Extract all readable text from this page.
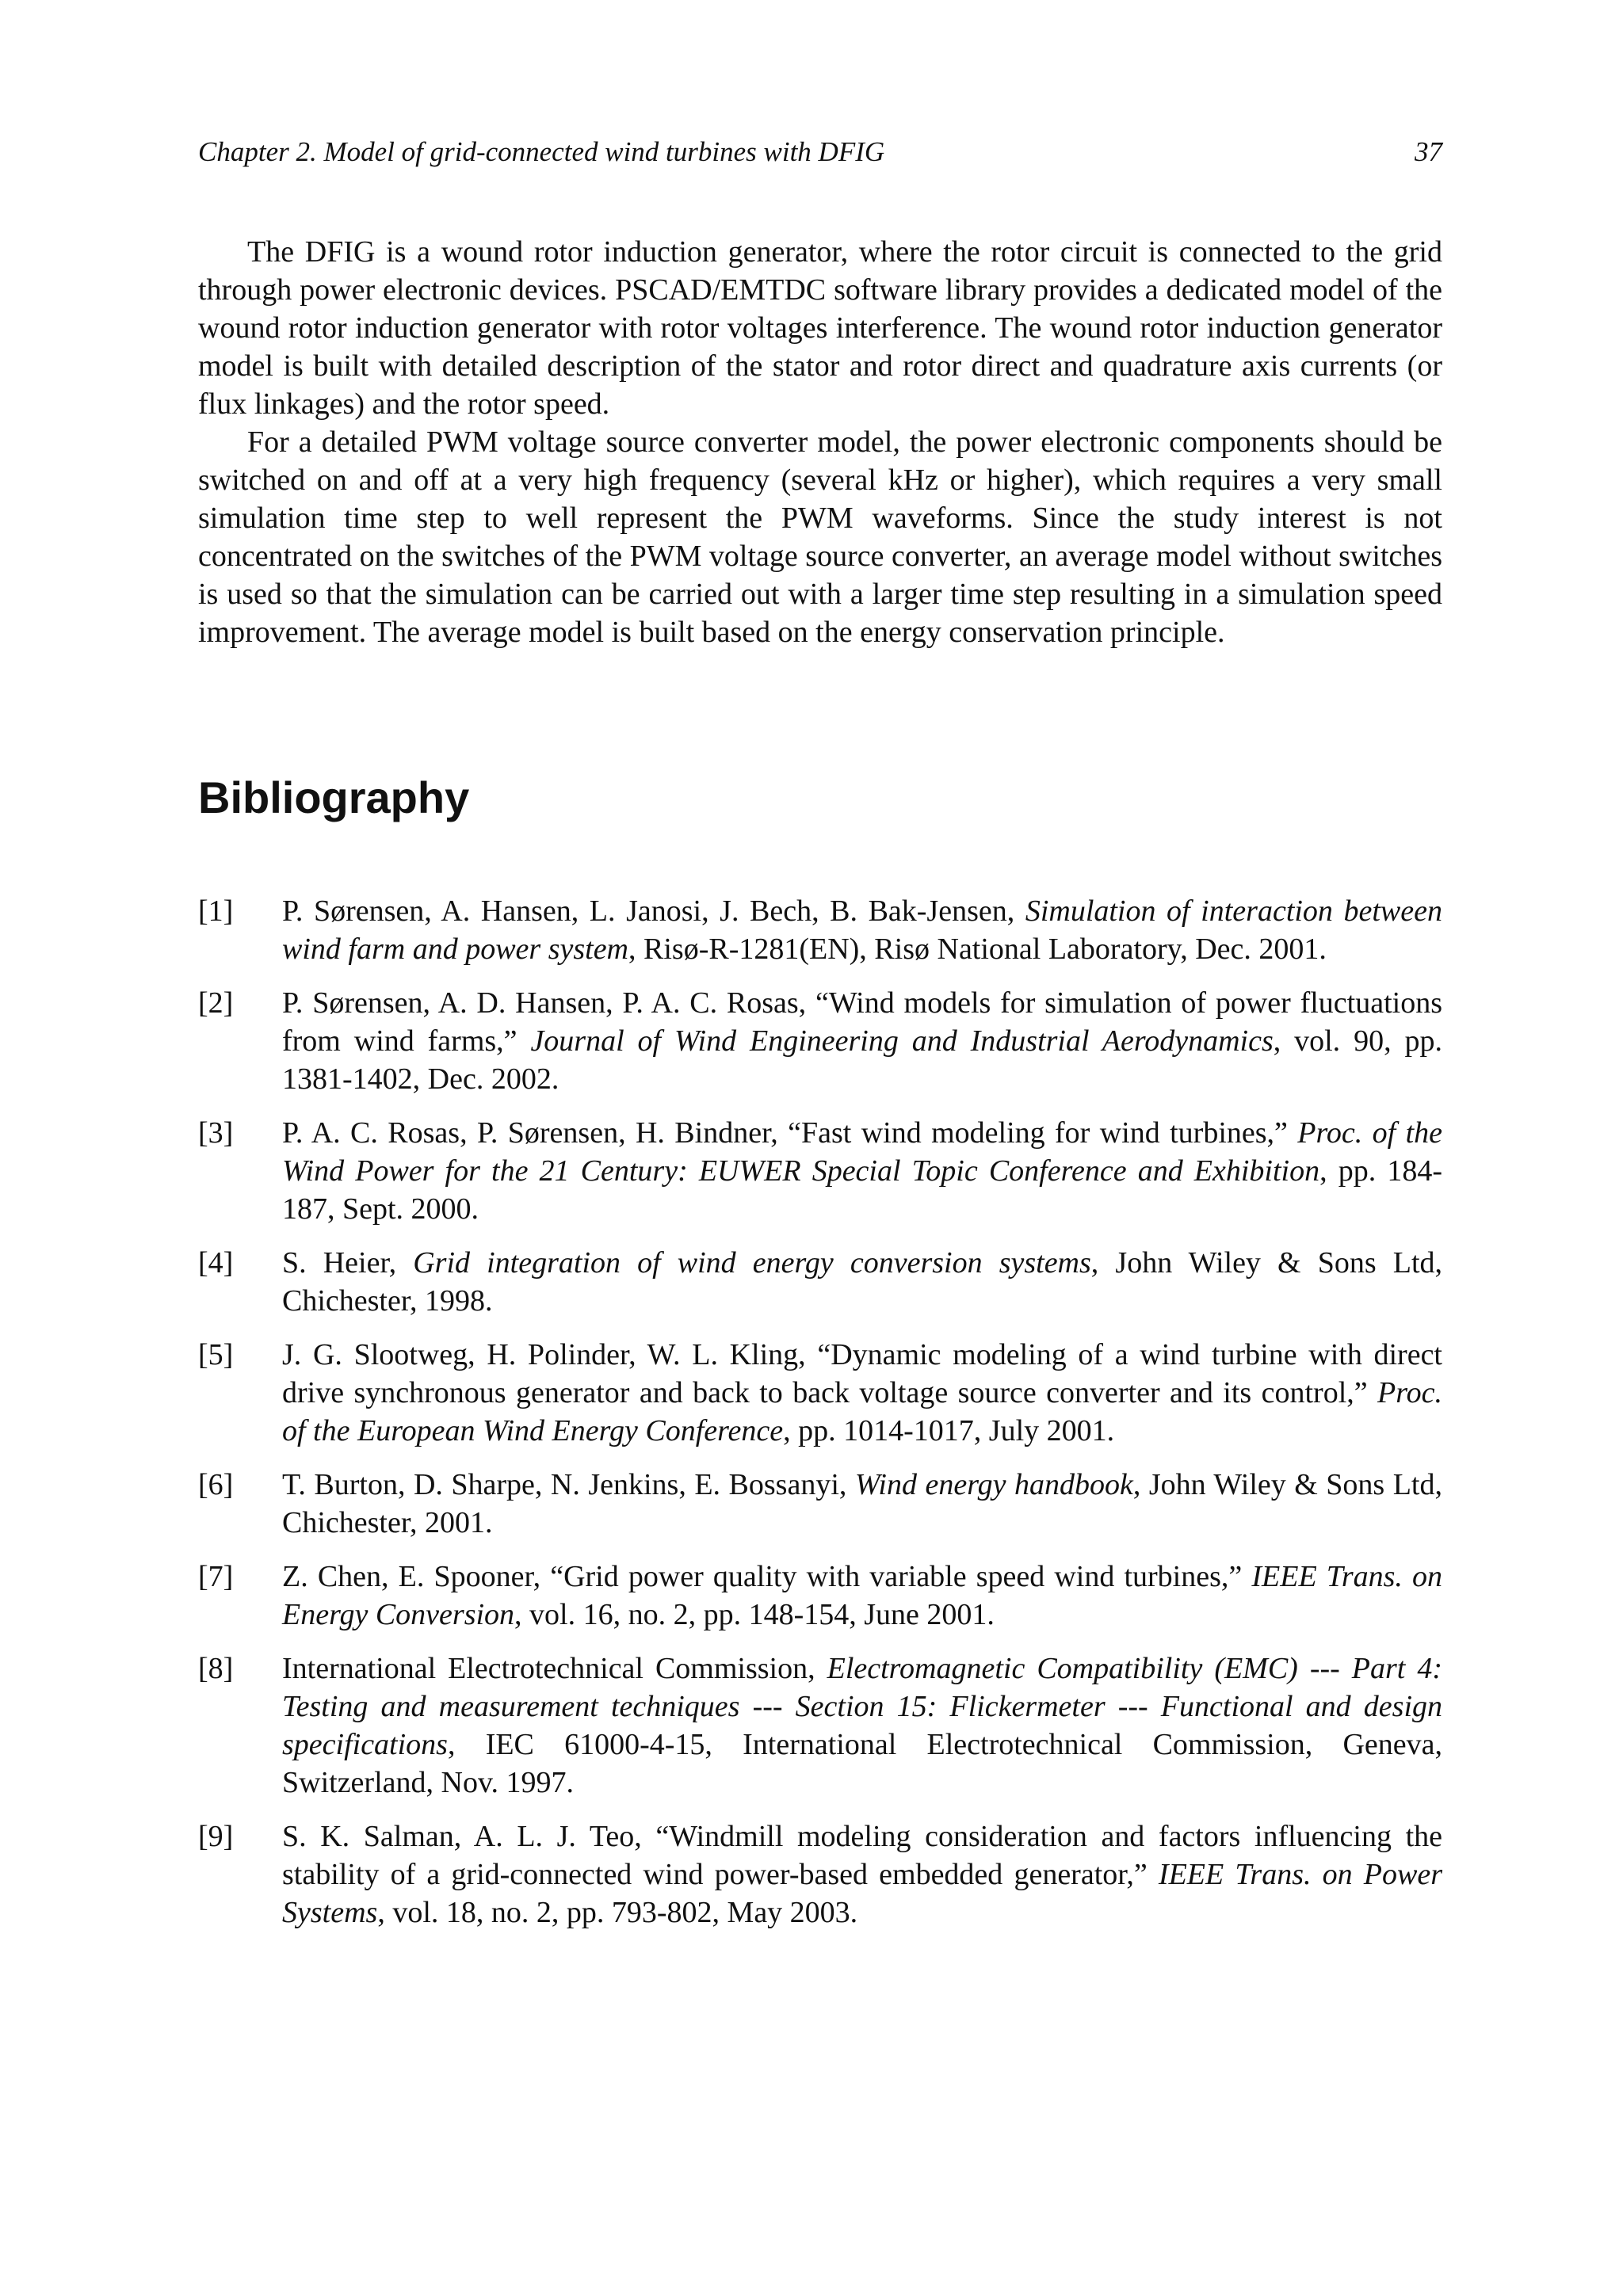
Chapter 2. Model of grid-connected wind turbines with DFIG	37

The DFIG is a wound rotor induction generator, where the rotor circuit is connected to the grid through power electronic devices. PSCAD/EMTDC software library provides a dedicated model of the wound rotor induction generator with rotor voltages interference. The wound rotor induction generator model is built with detailed description of the stator and rotor direct and quadrature axis currents (or flux linkages) and the rotor speed.

For a detailed PWM voltage source converter model, the power electronic components should be switched on and off at a very high frequency (several kHz or higher), which requires a very small simulation time step to well represent the PWM waveforms. Since the study interest is not concentrated on the switches of the PWM voltage source converter, an average model without switches is used so that the simulation can be carried out with a larger time step resulting in a simulation speed improvement. The average model is built based on the energy conservation principle.

Bibliography
[1]	P. Sørensen, A. Hansen, L. Janosi, J. Bech, B. Bak-Jensen, Simulation of interaction between wind farm and power system, Risø-R-1281(EN), Risø National Laboratory, Dec. 2001.
[2]	P. Sørensen, A. D. Hansen, P. A. C. Rosas, “Wind models for simulation of power fluctuations from wind farms,” Journal of Wind Engineering and Industrial Aerodynamics, vol. 90, pp. 1381-1402, Dec. 2002.
[3]	P. A. C. Rosas, P. Sørensen, H. Bindner, “Fast wind modeling for wind turbines,” Proc. of the Wind Power for the 21 Century: EUWER Special Topic Conference and Exhibition, pp. 184-187, Sept. 2000.
[4]	S. Heier, Grid integration of wind energy conversion systems, John Wiley & Sons Ltd, Chichester, 1998.
[5]	J. G. Slootweg, H. Polinder, W. L. Kling, “Dynamic modeling of a wind turbine with direct drive synchronous generator and back to back voltage source converter and its control,” Proc. of the European Wind Energy Conference, pp. 1014-1017, July 2001.
[6]	T. Burton, D. Sharpe, N. Jenkins, E. Bossanyi, Wind energy handbook, John Wiley & Sons Ltd, Chichester, 2001.
[7]	Z. Chen, E. Spooner, “Grid power quality with variable speed wind turbines,” IEEE Trans. on Energy Conversion, vol. 16, no. 2, pp. 148-154, June 2001.
[8]	International Electrotechnical Commission, Electromagnetic Compatibility (EMC) --- Part 4: Testing and measurement techniques --- Section 15: Flickermeter --- Functional and design specifications, IEC 61000-4-15, International Electrotechnical Commission, Geneva, Switzerland, Nov. 1997.
[9]	S. K. Salman, A. L. J. Teo, “Windmill modeling consideration and factors influencing the stability of a grid-connected wind power-based embedded generator,” IEEE Trans. on Power Systems, vol. 18, no. 2, pp. 793-802, May 2003.
